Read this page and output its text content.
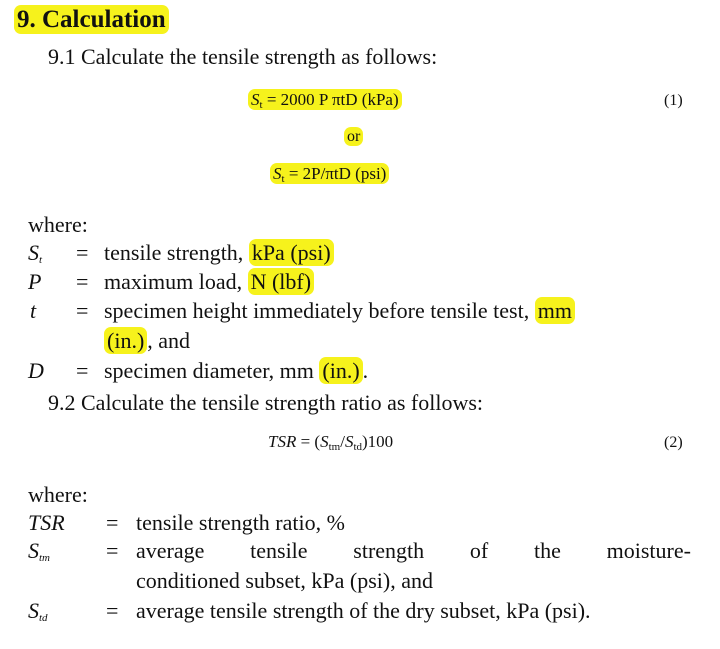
9. Calculation
9.1 Calculate the tensile strength as follows:
$S_t = 2000$ P πtD (kPa)	(1)
or
$S_t = 2P/\pi tD$ (psi)
where:
$S_t$ = tensile strength, kPa (psi)
P = maximum load, N (lbf)
t = specimen height immediately before tensile test, mm
(in.) , and
D = specimen diameter, mm (in.) .
9.2 Calculate the tensile strength ratio as follows:
TSR = $(S_{tm}/S_{td})100$	(2)
where:
TSR = tensile strength ratio, %
$S_{tm}$	= average tensile strength of the moisture-
conditioned subset, kPa (psi), and
$S_{td}$	= average tensile strength of the dry subset, kPa (psi).
